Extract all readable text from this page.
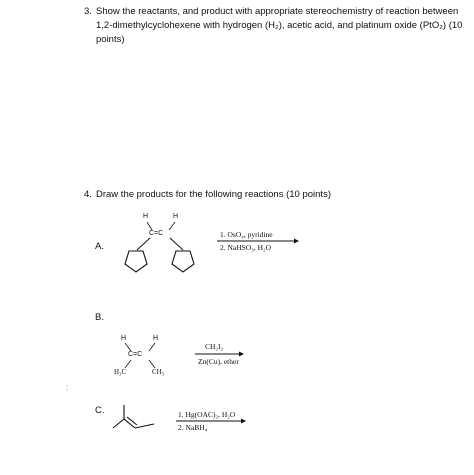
3. Show the reactants, and product with appropriate stereochemistry of reaction between 1,2-dimethylcyclohexene with hydrogen (H₂), acetic acid, and platinum oxide (PtO₂) (10 points)
4. Draw the products for the following reactions (10 points)
A.
H	H
C=C	1. OsO₄, pyridine
2. NaHSO₃, H₂O
B.
H	H
C=C
H₃C	CH₃
CH₂I₂
Zn(Cu), ether
C.	1. Hg(OAC)₂, H₂O
2. NaBH₄
:
